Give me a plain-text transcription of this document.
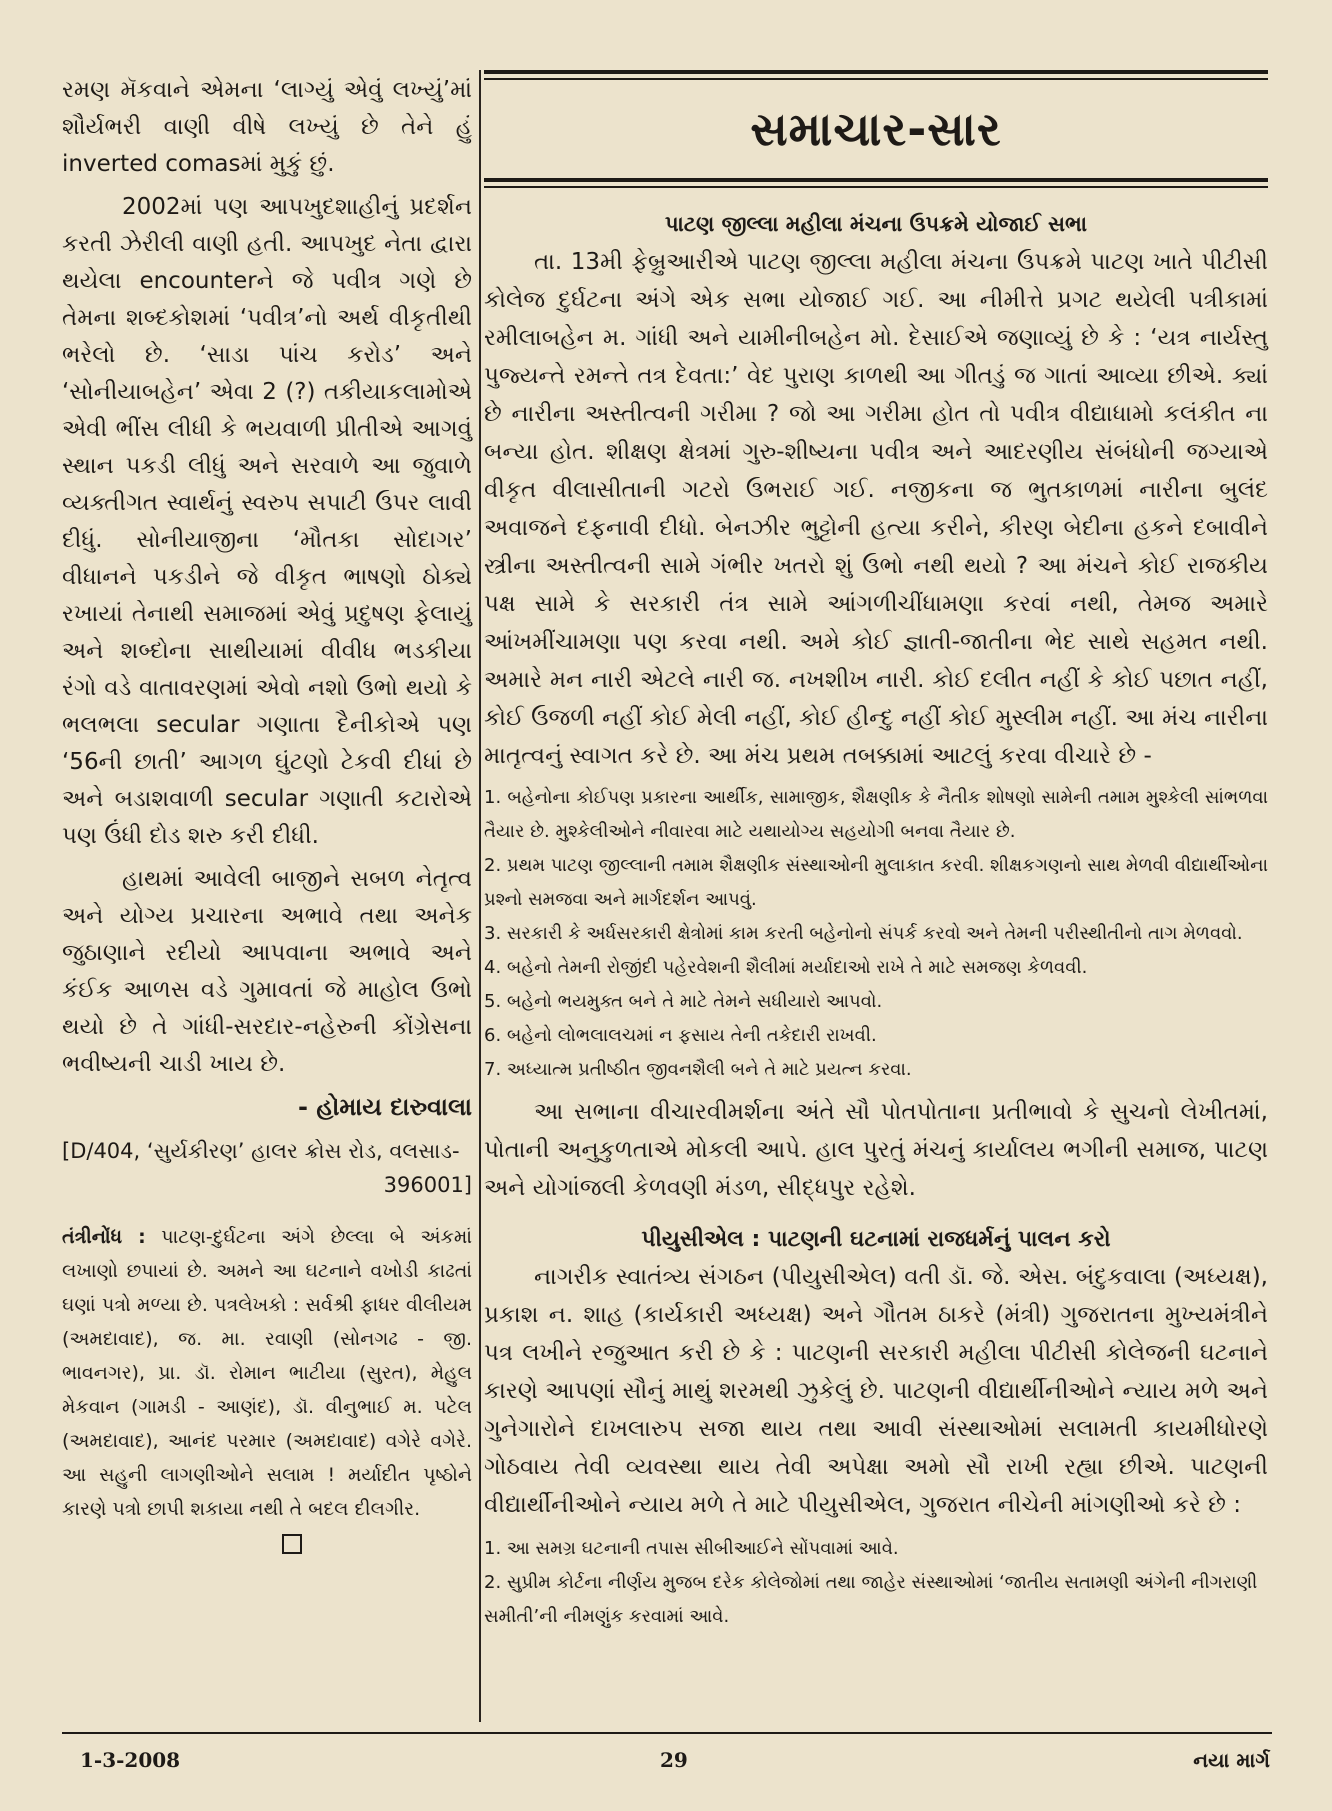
રમણ મૅકવાને એમના ‘લાગ્યું એવું લખ્યું’માં શૌર્યભરી વાણી વીષે લખ્યું છે તેને હું inverted comasમાં મુકું છું.

2002માં પણ આપખુદશાહીનું પ્રદર્શન કરતી ઝેરીલી વાણી હતી. આપખુદ નેતા દ્વારા થયેલા encounterને જે પવીત્ર ગણે છે તેમના શબ્દકોશમાં ‘પવીત્ર’નો અર્થ વીકૃતીથી ભરેલો છે. ‘સાડા પાંચ કરોડ’ અને ‘સોનીયાબહેન’ એવા 2 (?) તકીયાકલામોએ એવી ભીંસ લીધી કે ભયવાળી પ્રીતીએ આગવું સ્થાન પકડી લીધું અને સરવાળે આ જુવાળે વ્યક્તીગત સ્વાર્થનું સ્વરુપ સપાટી ઉપર લાવી દીધું. સોનીયાજીના ‘મૌતકા સોદાગર’ વીધાનને પકડીને જે વીકૃત ભાષણો ઠોક્યે રખાયાં તેનાથી સમાજમાં એવું પ્રદુષણ ફેલાયું અને શબ્દોના સાથીયામાં વીવીધ ભડકીયા રંગો વડે વાતાવરણમાં એવો નશો ઉભો થયો કે ભલભલા secular ગણાતા દૈનીકોએ પણ ‘56ની છાતી’ આગળ ઘુંટણો ટેકવી દીધાં છે અને બડાશવાળી secular ગણાતી કટારોએ પણ ઉંધી દોડ શરુ કરી દીધી.

હાથમાં આવેલી બાજીને સબળ નેતૃત્વ અને યોગ્ય પ્રચારના અભાવે તથા અનેક જુઠાણાને રદીયો આપવાના અભાવે અને કંઈક આળસ વડે ગુમાવતાં જે માહોલ ઉભો થયો છે તે ગાંધી-સરદાર-નહેરુની કોંગ્રેસના ભવીષ્યની ચાડી ખાય છે.

- હોમાય દારુવાલા
[D/404, ‘સુર્યકીરણ’ હાલર ક્રોસ રોડ, વલસાડ-
396001]
તંત્રીનોંધ : પાટણ-દુર્ઘટના અંગે છેલ્લા બે અંકમાં લખાણો છપાયાં છે. અમને આ ઘટનાને વખોડી કાઢતાં ઘણાં પત્રો મળ્યા છે. પત્રલેખકો : સર્વશ્રી ફાધર વીલીયમ (અમદાવાદ), જ. મા. રવાણી (સોનગઢ - જી. ભાવનગર), પ્રા. ડૉ. રોમાન ભાટીયા (સુરત), મેહુલ મેકવાન (ગામડી - આણંદ), ડૉ. વીનુભાઈ મ. પટેલ (અમદાવાદ), આનંદ પરમાર (અમદાવાદ) વગેરે વગેરે. આ સહુની લાગણીઓને સલામ ! મર્યાદીત પૃષ્ઠોને કારણે પત્રો છાપી શકાયા નથી તે બદલ દીલગીર.
સમાચાર-સાર
પાટણ જીલ્લા મહીલા મંચના ઉપક્રમે યોજાઈ સભા

તા. 13મી ફેબ્રુઆરીએ પાટણ જીલ્લા મહીલા મંચના ઉપક્રમે પાટણ ખાતે પીટીસી કોલેજ દુર્ઘટના અંગે એક સભા યોજાઈ ગઈ. આ નીમીત્તે પ્રગટ થયેલી પત્રીકામાં રમીલાબહેન મ. ગાંધી અને યામીનીબહેન મો. દેસાઈએ જણાવ્યું છે કે : ‘યત્ર નાર્યસ્તુ પુજ્યન્તે રમન્તે તત્ર દેવતા:’ વેદ પુરાણ કાળથી આ ગીતડું જ ગાતાં આવ્યા છીએ. ક્યાં છે નારીના અસ્તીત્વની ગરીમા ? જો આ ગરીમા હોત તો પવીત્ર વીદ્યાધામો કલંકીત ના બન્યા હોત. શીક્ષણ ક્ષેત્રમાં ગુરુ-શીષ્યના પવીત્ર અને આદરણીય સંબંધોની જગ્યાએ વીકૃત વીલાસીતાની ગટરો ઉભરાઈ ગઈ. નજીકના જ ભુતકાળમાં નારીના બુલંદ અવાજને દફનાવી દીધો. બેનઝીર ભુટ્ટોની હત્યા કરીને, કીરણ બેદીના હકને દબાવીને સ્ત્રીના અસ્તીત્વની સામે ગંભીર ખતરો શું ઉભો નથી થયો ? આ મંચને કોઈ રાજકીય પક્ષ સામે કે સરકારી તંત્ર સામે આંગળીચીંધામણા કરવાં નથી, તેમજ અમારે આંખમીંચામણા પણ કરવા નથી. અમે કોઈ જ્ઞાતી-જાતીના ભેદ સાથે સહમત નથી. અમારે મન નારી એટલે નારી જ. નખશીખ નારી. કોઈ દલીત નહીં કે કોઈ પછાત નહીં, કોઈ ઉજળી નહીં કોઈ મેલી નહીં, કોઈ હીન્દુ નહીં કોઈ મુસ્લીમ નહીં. આ મંચ નારીના માતૃત્વનું સ્વાગત કરે છે. આ મંચ પ્રથમ તબક્કામાં આટલું કરવા વીચારે છે -

1. બહેનોના કોઈપણ પ્રકારના આર્થીક, સામાજીક, શૈક્ષણીક કે નૈતીક શોષણો સામેની તમામ મુશ્કેલી સાંભળવા તૈયાર છે. મુશ્કેલીઓને નીવારવા માટે યથાયોગ્ય સહયોગી બનવા તૈયાર છે.
2. પ્રથમ પાટણ જીલ્લાની તમામ શૈક્ષણીક સંસ્થાઓની મુલાકાત કરવી. શીક્ષકગણનો સાથ મેળવી વીદ્યાર્થીઓના પ્રશ્નો સમજવા અને માર્ગદર્શન આપવું.
3. સરકારી કે અર્ધસરકારી ક્ષેત્રોમાં કામ કરતી બહેનોનો સંપર્ક કરવો અને તેમની પરીસ્થીતીનો તાગ મેળવવો.
4. બહેનો તેમની રોજીંદી પહેરવેશની શૈલીમાં મર્યાદાઓ રાખે તે માટે સમજણ કેળવવી.
5. બહેનો ભયમુક્ત બને તે માટે તેમને સધીયારો આપવો.
6. બહેનો લોભલાલચમાં ન ફસાય તેની તકેદારી રાખવી.
7. અધ્યાત્મ પ્રતીષ્ઠીત જીવનશૈલી બને તે માટે પ્રયત્ન કરવા.

આ સભાના વીચારવીમર્શના અંતે સૌ પોતપોતાના પ્રતીભાવો કે સુચનો લેખીતમાં, પોતાની અનુકુળતાએ મોકલી આપે. હાલ પુરતું મંચનું કાર્યાલય ભગીની સમાજ, પાટણ અને યોગાંજલી કેળવણી મંડળ, સીદ્ધપુર રહેશે.

પીયુસીએલ : પાટણની ઘટનામાં રાજધર્મનું પાલન કરો

નાગરીક સ્વાતંત્ર્ય સંગઠન (પીયુસીએલ) વતી ડૉ. જે. એસ. બંદુકવાલા (અધ્યક્ષ), પ્રકાશ ન. શાહ (કાર્યકારી અધ્યક્ષ) અને ગૌતમ ઠાકરે (મંત્રી) ગુજરાતના મુખ્યમંત્રીને પત્ર લખીને રજુઆત કરી છે કે : પાટણની સરકારી મહીલા પીટીસી કોલેજની ઘટનાને કારણે આપણાં સૌનું માથું શરમથી ઝુકેલું છે. પાટણની વીદ્યાર્થીનીઓને ન્યાય મળે અને ગુનેગારોને દાખલારુપ સજા થાય તથા આવી સંસ્થાઓમાં સલામતી કાયમીધોરણે ગોઠવાય તેવી વ્યવસ્થા થાય તેવી અપેક્ષા અમો સૌ રાખી રહ્યા છીએ. પાટણની વીદ્યાર્થીનીઓને ન્યાય મળે તે માટે પીયુસીએલ, ગુજરાત નીચેની માંગણીઓ કરે છે :

1. આ સમગ્ર ઘટનાની તપાસ સીબીઆઈને સોંપવામાં આવે.
2. સુપ્રીમ કોર્ટના નીર્ણય મુજબ દરેક કોલેજોમાં તથા જાહેર સંસ્થાઓમાં ‘જાતીય સતામણી અંગેની નીગરાણી સમીતી’ની નીમણુંક કરવામાં આવે.
1-3-2008	29	નયા માર્ગ
